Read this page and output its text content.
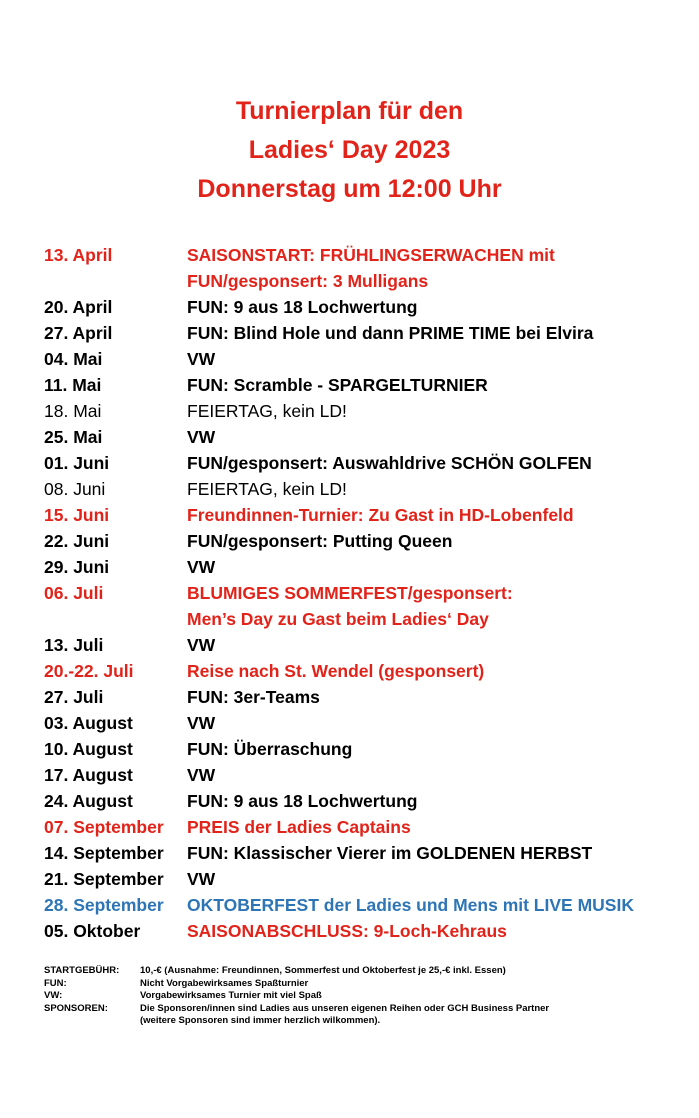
Turnierplan für den
Ladies‘ Day 2023
Donnerstag um 12:00 Uhr
13. April	SAISONSTART: FRÜHLINGSERWACHEN mit
FUN/gesponsert: 3 Mulligans
20. April	FUN: 9 aus 18 Lochwertung
27. April	FUN: Blind Hole und dann PRIME TIME bei Elvira
04. Mai	VW
11. Mai	FUN: Scramble - SPARGELTURNIER
18. Mai	FEIERTAG, kein LD!
25. Mai	VW
01. Juni	FUN/gesponsert: Auswahldrive SCHÖN GOLFEN
08. Juni	FEIERTAG, kein LD!
15. Juni	Freundinnen-Turnier: Zu Gast in HD-Lobenfeld
22. Juni	FUN/gesponsert: Putting Queen
29. Juni	VW
06. Juli	BLUMIGES SOMMERFEST/gesponsert:
Men’s Day zu Gast beim Ladies‘ Day
13. Juli	VW
20.-22. Juli	Reise nach St. Wendel (gesponsert)
27. Juli	FUN: 3er-Teams
03. August	VW
10. August	FUN: Überraschung
17. August	VW
24. August	FUN: 9 aus 18 Lochwertung
07. September	PREIS der Ladies Captains
14. September	FUN: Klassischer Vierer im GOLDENEN HERBST
21. September	VW
28. September	OKTOBERFEST der Ladies und Mens mit LIVE MUSIK
05. Oktober	SAISONABSCHLUSS: 9-Loch-Kehraus
STARTGEBÜHR:	10,-€ (Ausnahme: Freundinnen, Sommerfest und Oktoberfest je 25,-€ inkl. Essen)
FUN:	Nicht Vorgabewirksames Spaßturnier
VW:	Vorgabewirksames Turnier mit viel Spaß
SPONSOREN:	Die Sponsoren/innen sind Ladies aus unseren eigenen Reihen oder GCH Business Partner
(weitere Sponsoren sind immer herzlich wilkommen).
